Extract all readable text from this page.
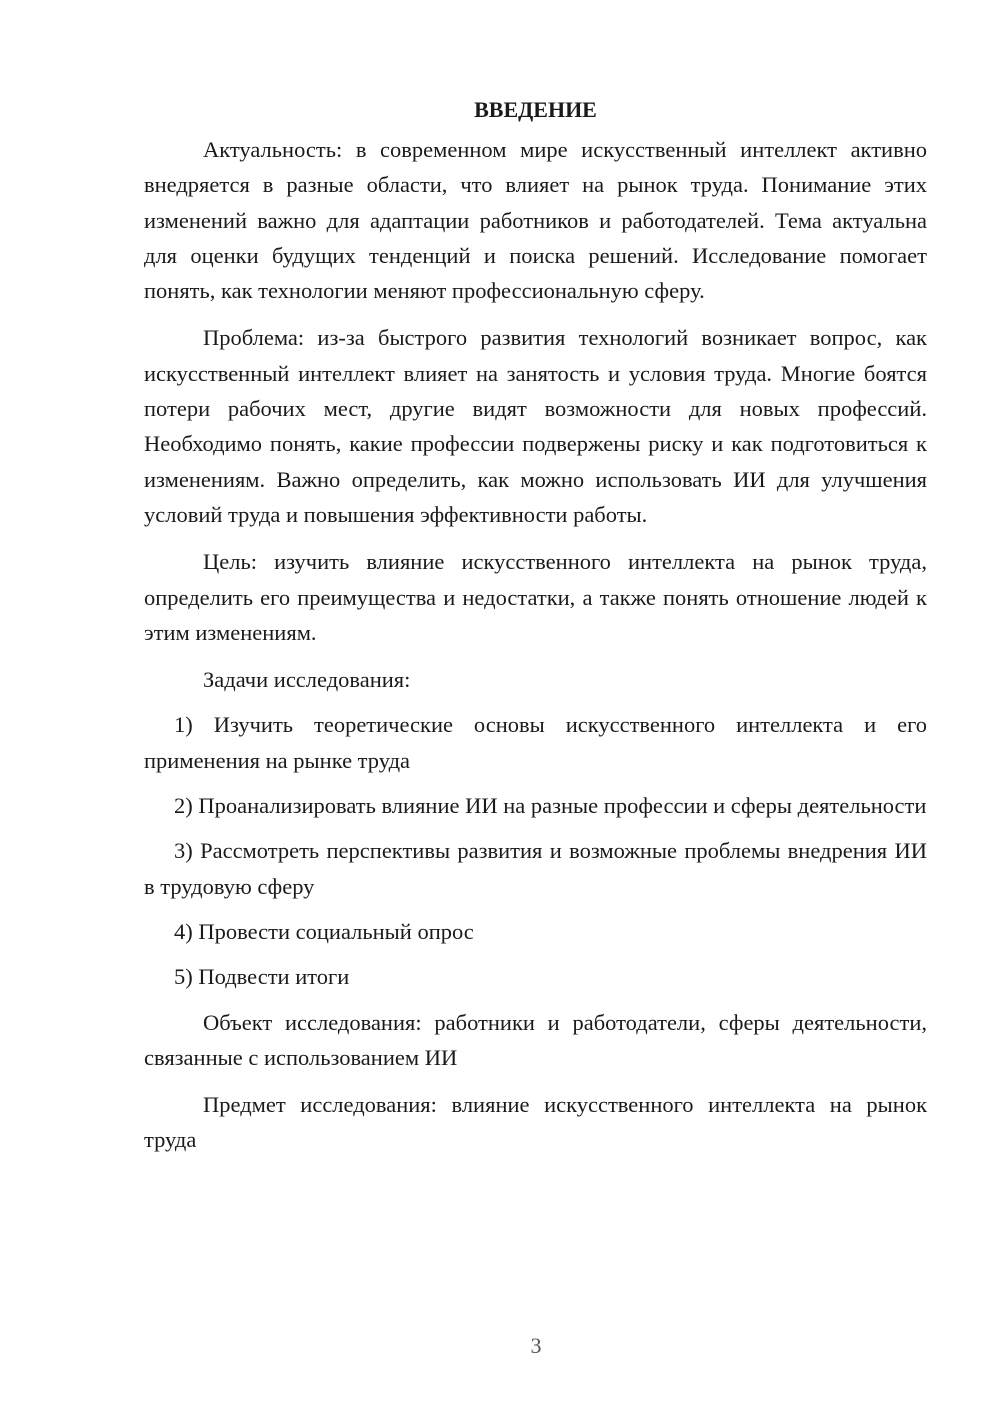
ВВЕДЕНИЕ

Актуальность: в современном мире искусственный интеллект активно внедряется в разные области, что влияет на рынок труда. Понимание этих изменений важно для адаптации работников и работодателей. Тема актуальна для оценки будущих тенденций и поиска решений. Исследование помогает понять, как технологии меняют профессиональную сферу.

Проблема: из-за быстрого развития технологий возникает вопрос, как искусственный интеллект влияет на занятость и условия труда. Многие боятся потери рабочих мест, другие видят возможности для новых профессий. Необходимо понять, какие профессии подвержены риску и как подготовиться к изменениям. Важно определить, как можно использовать ИИ для улучшения условий труда и повышения эффективности работы.

Цель: изучить влияние искусственного интеллекта на рынок труда, определить его преимущества и недостатки, а также понять отношение людей к этим изменениям.

Задачи исследования:

1) Изучить теоретические основы искусственного интеллекта и его применения на рынке труда

2) Проанализировать влияние ИИ на разные профессии и сферы деятельности

3) Рассмотреть перспективы развития и возможные проблемы внедрения ИИ в трудовую сферу

4) Провести социальный опрос

5) Подвести итоги

Объект исследования: работники и работодатели, сферы деятельности, связанные с использованием ИИ

Предмет исследования: влияние искусственного интеллекта на рынок труда

3
